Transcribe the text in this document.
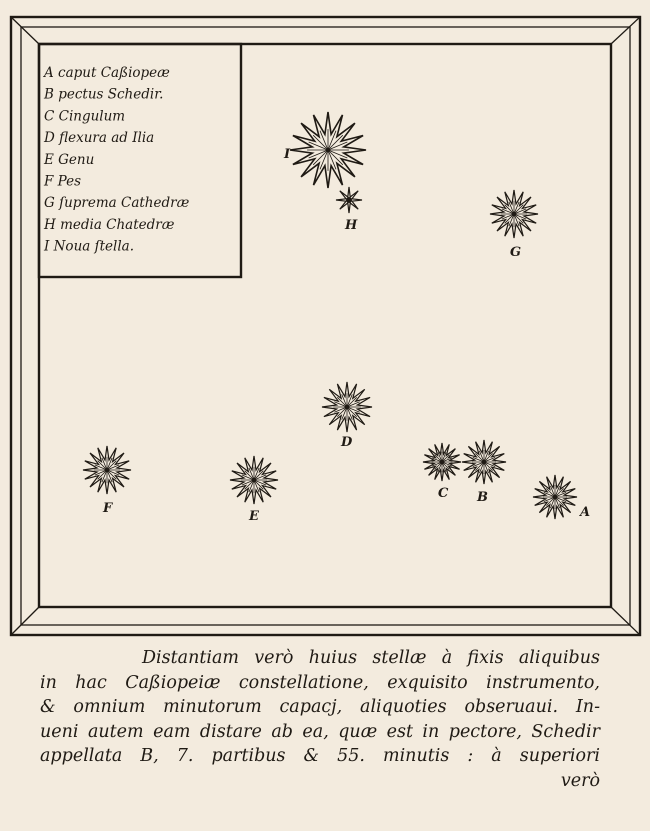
A caput Caßiopeæ
B pectus Schedir.
C Cingulum
D flexura ad Ilia
E Genu
F Pes
G ſuprema Cathedræ
H media Chatedræ
I Noua ſtella.
I
H
G
D
C B
A
E
F
Distantiam verò huius stellæ à fixis aliquibus
in hac Caßiopeiæ constellatione, exquisito instrumento,
& omnium minutorum capacj, aliquoties obseruaui. In-
ueni autem eam distare ab ea, quæ est in pectore, Schedir
appellata B, 7. partibus & 55. minutis : à superiori
verò
